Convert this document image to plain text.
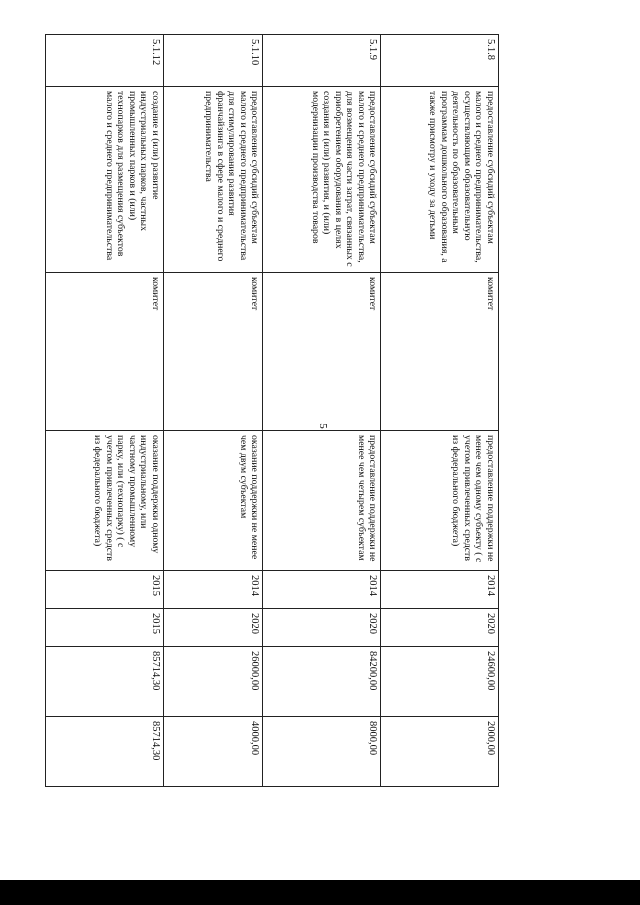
5
5.1.8	предоставление субсидий субъектам малого и среднего предпринимательства, осуществляющим образовательную деятельность по образовательным программам дошкольного образования, а также присмотру и уходу за детьми	комитет	предоставление поддержки не менее чем одному субъекту ( с учетом привлеченных средств из федерального бюджета)	2014	2020	24600,00	2000,00
5.1.9	предоставление субсидий субъектам малого и среднего предпринимательства, для возмещения части затрат, связанных с приобретением оборудования в целях создания и (или) развития, и (или) модернизации производства товаров	комитет	предоставление поддержки не менее чем четырем субъектам	2014	2020	84200,00	8000,00
5.1.10	предоставление субсидий субъектам малого и среднего предпринимательства для стимулирования развития франчайзинга в сфере малого и среднего предпринимательства	комитет	оказание поддержки не менее чем двум субъектам	2014	2020	26000,00	4000,00
5.1.12	создание и (или) развитие индустриальных парков, частных промышленных парков и (или) технопарков для размещения субъектов малого и среднего предпринимательства	комитет	оказание поддержки одному индустриальному, или частному промышленному парку, или (технопарку) ( с учетом привлеченных средств из федерального бюджета)	2015	2015	85714,30	85714,30
